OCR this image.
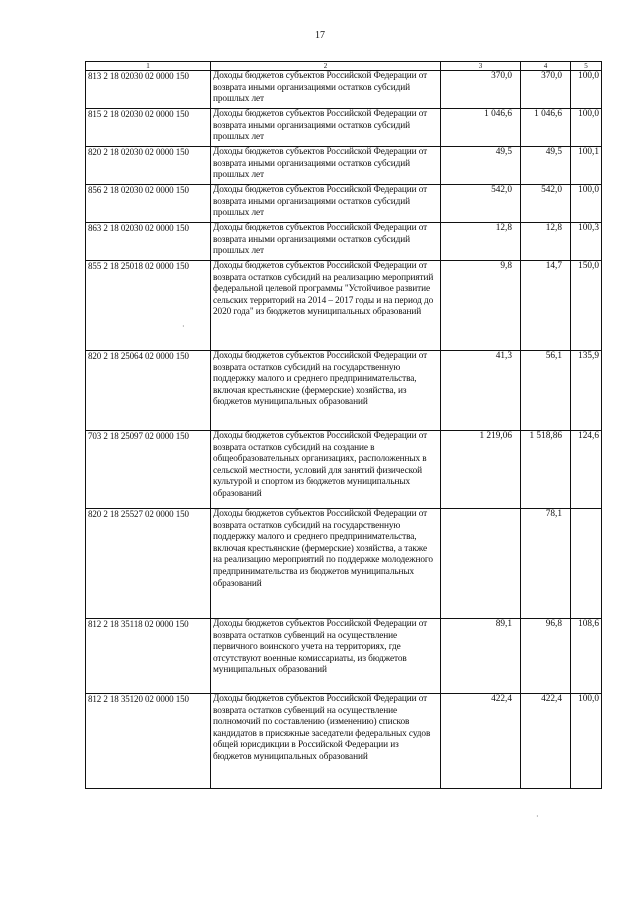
17
1	2	3	4	5
813 2 18 02030 02 0000 150	Доходы бюджетов субъектов Российской Федерации от возврата иными организациями остатков субсидий прошлых лет	370,0	370,0	100,0
815 2 18 02030 02 0000 150	Доходы бюджетов субъектов Российской Федерации от возврата иными организациями остатков субсидий прошлых лет	1 046,6	1 046,6	100,0
820 2 18 02030 02 0000 150	Доходы бюджетов субъектов Российской Федерации от возврата иными организациями остатков субсидий прошлых лет	49,5	49,5	100,1
856 2 18 02030 02 0000 150	Доходы бюджетов субъектов Российской Федерации от возврата иными организациями остатков субсидий прошлых лет	542,0	542,0	100,0
863 2 18 02030 02 0000 150	Доходы бюджетов субъектов Российской Федерации от возврата иными организациями остатков субсидий прошлых лет	12,8	12,8	100,3
855 2 18 25018 02 0000 150	Доходы бюджетов субъектов Российской Федерации от возврата остатков субсидий на реализацию мероприятий федеральной целевой программы "Устойчивое развитие сельских территорий на 2014 – 2017 годы и на период до 2020 года" из бюджетов муниципальных образований	9,8	14,7	150,0
820 2 18 25064 02 0000 150	Доходы бюджетов субъектов Российской Федерации от возврата остатков субсидий на государственную поддержку малого и среднего предпринимательства, включая крестьянские (фермерские) хозяйства, из бюджетов муниципальных образований	41,3	56,1	135,9
703 2 18 25097 02 0000 150	Доходы бюджетов субъектов Российской Федерации от возврата остатков субсидий на создание в общеобразовательных организациях, расположенных в сельской местности, условий для занятий физической культурой и спортом из бюджетов муниципальных образований	1 219,06	1 518,86	124,6
820 2 18 25527 02 0000 150	Доходы бюджетов субъектов Российской Федерации от возврата остатков субсидий на государственную поддержку малого и среднего предпринимательства, включая крестьянские (фермерские) хозяйства, а также на реализацию мероприятий по поддержке молодежного предпринимательства из бюджетов муниципальных образований		78,1	
812 2 18 35118 02 0000 150	Доходы бюджетов субъектов Российской Федерации от возврата остатков субвенций на осуществление первичного воинского учета на территориях, где отсутствуют военные комиссариаты, из бюджетов муниципальных образований	89,1	96,8	108,6
812 2 18 35120 02 0000 150	Доходы бюджетов субъектов Российской Федерации от возврата остатков субвенций на осуществление полномочий по составлению (изменению) списков кандидатов в присяжные заседатели федеральных судов общей юрисдикции в Российской Федерации из бюджетов муниципальных образований	422,4	422,4	100,0
·
·
